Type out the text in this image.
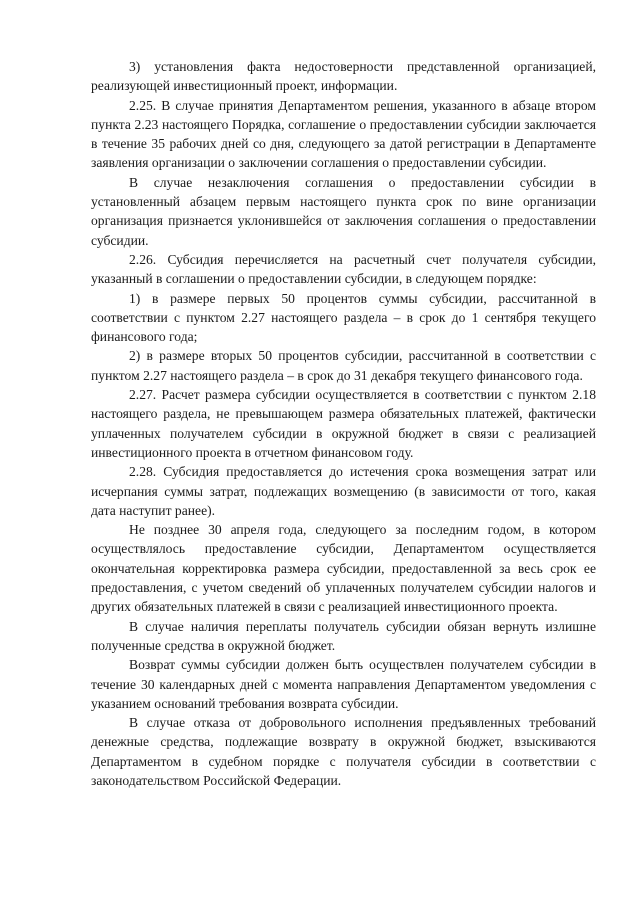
3) установления факта недостоверности представленной организацией, реализующей инвестиционный проект, информации.

2.25. В случае принятия Департаментом решения, указанного в абзаце втором пункта 2.23 настоящего Порядка, соглашение о предоставлении субсидии заключается в течение 35 рабочих дней со дня, следующего за датой регистрации в Департаменте заявления организации о заключении соглашения о предоставлении субсидии.

В случае незаключения соглашения о предоставлении субсидии в установленный абзацем первым настоящего пункта срок по вине организации организация признается уклонившейся от заключения соглашения о предоставлении субсидии.

2.26. Субсидия перечисляется на расчетный счет получателя субсидии, указанный в соглашении о предоставлении субсидии, в следующем порядке:

1) в размере первых 50 процентов суммы субсидии, рассчитанной в соответствии с пунктом 2.27 настоящего раздела – в срок до 1 сентября текущего финансового года;

2) в размере вторых 50 процентов субсидии, рассчитанной в соответствии с пунктом 2.27 настоящего раздела – в срок до 31 декабря текущего финансового года.

2.27. Расчет размера субсидии осуществляется в соответствии с пунктом 2.18 настоящего раздела, не превышающем размера обязательных платежей, фактически уплаченных получателем субсидии в окружной бюджет в связи с реализацией инвестиционного проекта в отчетном финансовом году.

2.28. Субсидия предоставляется до истечения срока возмещения затрат или исчерпания суммы затрат, подлежащих возмещению (в зависимости от того, какая дата наступит ранее).

Не позднее 30 апреля года, следующего за последним годом, в котором осуществлялось предоставление субсидии, Департаментом осуществляется окончательная корректировка размера субсидии, предоставленной за весь срок ее предоставления, с учетом сведений об уплаченных получателем субсидии налогов и других обязательных платежей в связи с реализацией инвестиционного проекта.

В случае наличия переплаты получатель субсидии обязан вернуть излишне полученные средства в окружной бюджет.

Возврат суммы субсидии должен быть осуществлен получателем субсидии в течение 30 календарных дней с момента направления Департаментом уведомления с указанием оснований требования возврата субсидии.

В случае отказа от добровольного исполнения предъявленных требований денежные средства, подлежащие возврату в окружной бюджет, взыскиваются Департаментом в судебном порядке с получателя субсидии в соответствии с законодательством Российской Федерации.
